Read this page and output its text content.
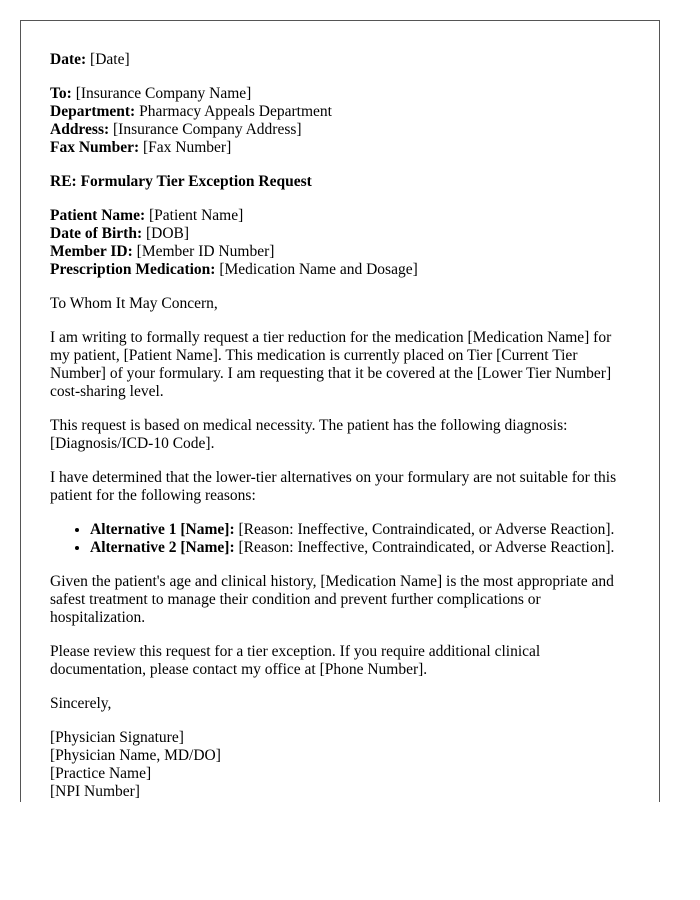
Date: [Date]

To: [Insurance Company Name]

Department: Pharmacy Appeals Department

Address: [Insurance Company Address]

Fax Number: [Fax Number]

RE: Formulary Tier Exception Request

Patient Name: [Patient Name]

Date of Birth: [DOB]

Member ID: [Member ID Number]

Prescription Medication: [Medication Name and Dosage]

To Whom It May Concern,

I am writing to formally request a tier reduction for the medication [Medication Name] for my patient, [Patient Name]. This medication is currently placed on Tier [Current Tier Number] of your formulary. I am requesting that it be covered at the [Lower Tier Number] cost-sharing level.

This request is based on medical necessity. The patient has the following diagnosis: [Diagnosis/ICD-10 Code].

I have determined that the lower-tier alternatives on your formulary are not suitable for this patient for the following reasons:

• Alternative 1 [Name]: [Reason: Ineffective, Contraindicated, or Adverse Reaction].
• Alternative 2 [Name]: [Reason: Ineffective, Contraindicated, or Adverse Reaction].

Given the patient's age and clinical history, [Medication Name] is the most appropriate and safest treatment to manage their condition and prevent further complications or hospitalization.

Please review this request for a tier exception. If you require additional clinical documentation, please contact my office at [Phone Number].

Sincerely,

[Physician Signature]

[Physician Name, MD/DO]

[Practice Name]

[NPI Number]
